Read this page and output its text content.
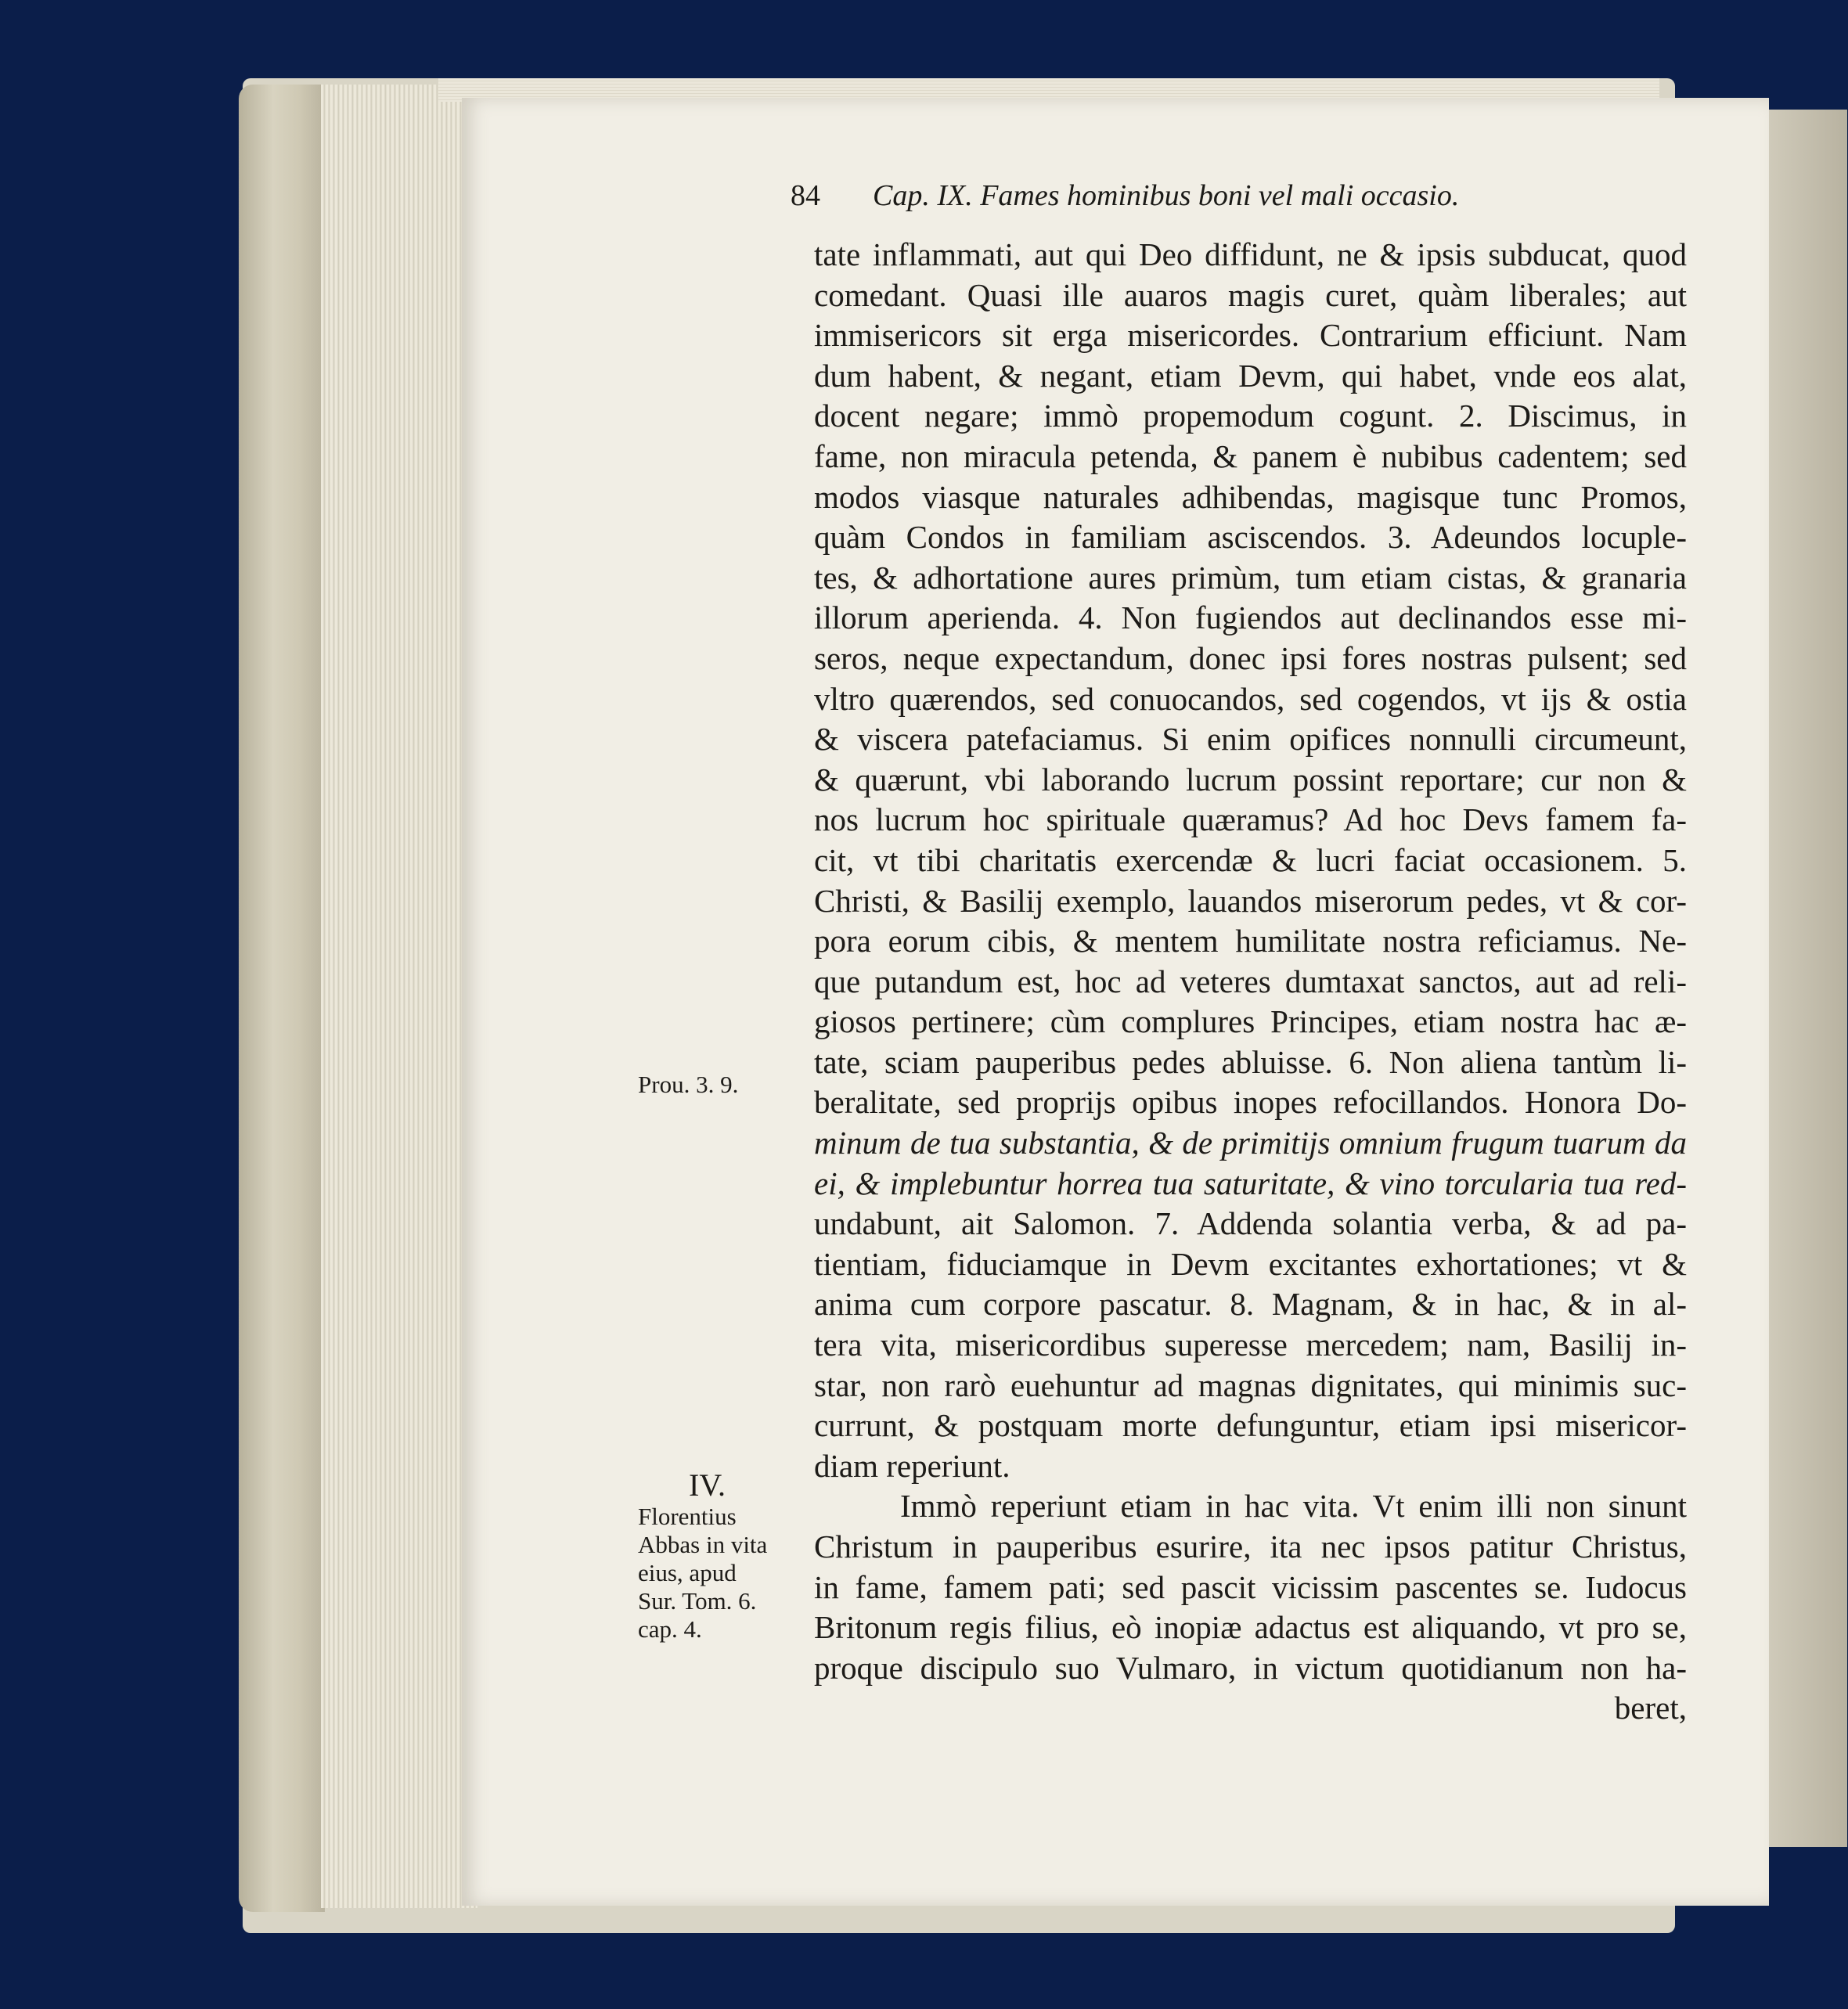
84 Cap. IX. Fames hominibus boni vel mali occasio.
tate inflammati, aut qui Deo diffidunt, ne & ipsis subducat, quod
comedant. Quasi ille auaros magis curet, quàm liberales; aut
immisericors sit erga misericordes. Contrarium efficiunt. Nam
dum habent, & negant, etiam Devm, qui habet, vnde eos alat,
docent negare; immò propemodum cogunt. 2. Discimus, in
fame, non miracula petenda, & panem è nubibus cadentem; sed
modos viasque naturales adhibendas, magisque tunc Promos,
quàm Condos in familiam asciscendos. 3. Adeundos locuple-
tes, & adhortatione aures primùm, tum etiam cistas, & granaria
illorum aperienda. 4. Non fugiendos aut declinandos esse mi-
seros, neque expectandum, donec ipsi fores nostras pulsent; sed
vltro quærendos, sed conuocandos, sed cogendos, vt ijs & ostia
& viscera patefaciamus. Si enim opifices nonnulli circumeunt,
& quærunt, vbi laborando lucrum possint reportare; cur non &
nos lucrum hoc spirituale quæramus? Ad hoc Devs famem fa-
cit, vt tibi charitatis exercendæ & lucri faciat occasionem. 5.
Christi, & Basilij exemplo, lauandos miserorum pedes, vt & cor-
pora eorum cibis, & mentem humilitate nostra reficiamus. Ne-
que putandum est, hoc ad veteres dumtaxat sanctos, aut ad reli-
giosos pertinere; cùm complures Principes, etiam nostra hac æ-
tate, sciam pauperibus pedes abluisse. 6. Non aliena tantùm li-
beralitate, sed proprijs opibus inopes refocillandos. Honora Do-
minum de tua substantia, & de primitijs omnium frugum tuarum da
ei, & implebuntur horrea tua saturitate, & vino torcularia tua red-
undabunt, ait Salomon. 7. Addenda solantia verba, & ad pa-
tientiam, fiduciamque in Devm excitantes exhortationes; vt &
anima cum corpore pascatur. 8. Magnam, & in hac, & in al-
tera vita, misericordibus superesse mercedem; nam, Basilij in-
star, non rarò euehuntur ad magnas dignitates, qui minimis suc-
currunt, & postquam morte defunguntur, etiam ipsi misericor-
diam reperiunt.
Immò reperiunt etiam in hac vita. Vt enim illi non sinunt
Christum in pauperibus esurire, ita nec ipsos patitur Christus,
in fame, famem pati; sed pascit vicissim pascentes se. Iudocus
Britonum regis filius, eò inopiæ adactus est aliquando, vt pro se,
proque discipulo suo Vulmaro, in victum quotidianum non ha-
beret,
Prou. 3. 9.
IV.
Florentius
Abbas in vita
eius, apud
Sur. Tom. 6.
cap. 4.
